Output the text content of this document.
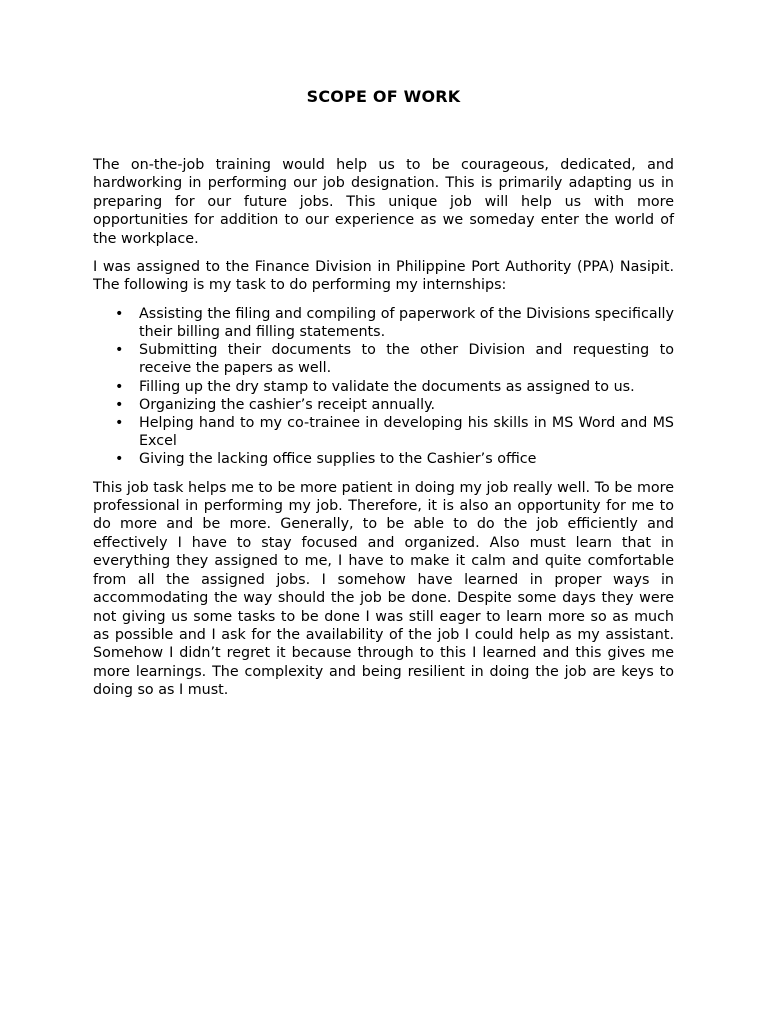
SCOPE OF WORK

The on-the-job training would help us to be courageous, dedicated, and hardworking in performing our job designation. This is primarily adapting us in preparing for our future jobs. This unique job will help us with more opportunities for addition to our experience as we someday enter the world of the workplace.

I was assigned to the Finance Division in Philippine Port Authority (PPA) Nasipit. The following is my task to do performing my internships:

• Assisting the filing and compiling of paperwork of the Divisions specifically their billing and filling statements.
• Submitting their documents to the other Division and requesting to receive the papers as well.
• Filling up the dry stamp to validate the documents as assigned to us.
• Organizing the cashier’s receipt annually.
• Helping hand to my co-trainee in developing his skills in MS Word and MS Excel
• Giving the lacking office supplies to the Cashier’s office

This job task helps me to be more patient in doing my job really well. To be more professional in performing my job. Therefore, it is also an opportunity for me to do more and be more. Generally, to be able to do the job efficiently and effectively I have to stay focused and organized. Also must learn that in everything they assigned to me, I have to make it calm and quite comfortable from all the assigned jobs. I somehow have learned in proper ways in accommodating the way should the job be done. Despite some days they were not giving us some tasks to be done I was still eager to learn more so as much as possible and I ask for the availability of the job I could help as my assistant. Somehow I didn’t regret it because through to this I learned and this gives me more learnings. The complexity and being resilient in doing the job are keys to doing so as I must.
